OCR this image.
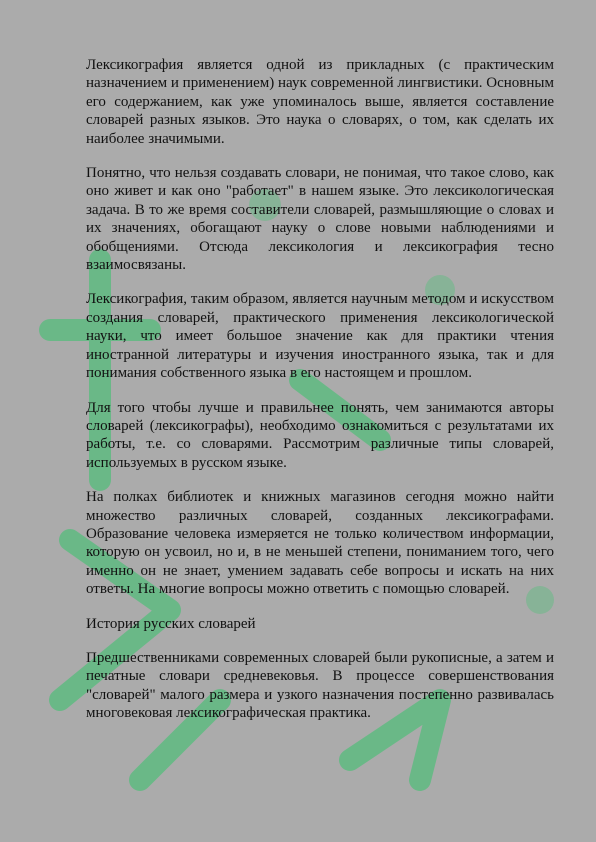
Лексикография является одной из прикладных (с практическим назначением и применением) наук современной лингвистики. Основным его содержанием, как уже упоминалось выше, является составление словарей разных языков. Это наука о словарях, о том, как сделать их наиболее значимыми.

Понятно, что нельзя создавать словари, не понимая, что такое слово, как оно живет и как оно "работает" в нашем языке. Это лексикологическая задача. В то же время составители словарей, размышляющие о словах и их значениях, обогащают науку о слове новыми наблюдениями и обобщениями. Отсюда лексикология и лексикография тесно взаимосвязаны.

Лексикография, таким образом, является научным методом и искусством создания словарей, практического применения лексикологической науки, что имеет большое значение как для практики чтения иностранной литературы и изучения иностранного языка, так и для понимания собственного языка в его настоящем и прошлом.

Для того чтобы лучше и правильнее понять, чем занимаются авторы словарей (лексикографы), необходимо ознакомиться с результатами их работы, т.е. со словарями. Рассмотрим различные типы словарей, используемых в русском языке.

На полках библиотек и книжных магазинов сегодня можно найти множество различных словарей, созданных лексикографами. Образование человека измеряется не только количеством информации, которую он усвоил, но и, в не меньшей степени, пониманием того, чего именно он не знает, умением задавать себе вопросы и искать на них ответы. На многие вопросы можно ответить с помощью словарей.

История русских словарей

Предшественниками современных словарей были рукописные, а затем и печатные словари средневековья. В процессе совершенствования "словарей" малого размера и узкого назначения постепенно развивалась многовековая лексикографическая практика.
